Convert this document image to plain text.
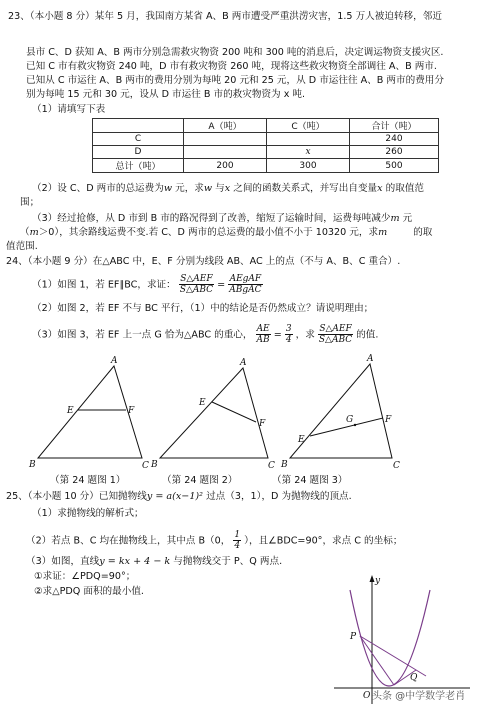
23、（本小题 8 分）某年 5 月，我国南方某省 A、B 两市遭受严重洪涝灾害，1.5 万人被迫转移，邻近
县市 C、D 获知 A、B 两市分别急需救灾物资 200 吨和 300 吨的消息后，决定调运物资支援灾区.
已知 C 市有救灾物资 240 吨，D 市有救灾物资 260 吨，现将这些救灾物资全部调往 A、B 两市.
已知从 C 市运往 A、B 两市的费用分别为每吨 20 元和 25 元，从 D 市运往往 A、B 两市的费用分
别为每吨 15 元和 30 元，设从 D 市运往 B 市的救灾物资为 x 吨.
（1）请填写下表
	A（吨）	C（吨）	合计（吨）
C			240
D		x	260
总计（吨）	200	300	500
（2）设 C、D 两市的总运费为w 元，求w 与x 之间的函数关系式，并写出自变量x 的取值范
围；
（3）经过抢修，从 D 市到 B 市的路况得到了改善，缩短了运输时间，运费每吨减少m 元
（m＞0），其余路线运费不变.若 C、D 两市的总运费的最小值不小于 10320 元，求m	的取
值范围.
24、（本小题 9 分）在△ABC 中，E、F 分别为线段 AB、AC 上的点（不与 A、B、C 重合）.
（1）如图 1，若 EF∥BC，求证： $\frac{\text{S△AEF}}{\text{S△ABC}} = \frac{\text{AEgAF}}{\text{ABgAC}}$
（2）如图 2，若 EF 不与 BC 平行，（1）中的结论是否仍然成立？请说明理由；
（3）如图 3，若 EF 上一点 G 恰为△ABC 的重心， $\frac{AE}{AB} = \frac{3}{4}$ ，求 $\frac{\text{S△AEF}}{\text{S△ABC}}$ 的值.
A
B	C
E	F
A
B	C
E
F
A
B	C
E
F
G
（第 24 题图 1）	（第 24 题图 2）	（第 24 题图 3）
25、（本小题 10 分）已知抛物线y = a(x−1)² 过点（3，1），D 为抛物线的顶点.
（1）求抛物线的解析式；
（2）若点 B、C 均在抛物线上，其中点 B（0， $\frac{1}{4}$ ），且∠BDC=90°，求点 C 的坐标；
（3）如图，直线y = kx + 4 − k 与抛物线交于 P、Q 两点.
①求证：∠PDQ=90°；
②求△PDQ 面积的最小值.
y
P
Q
O 头条 @中学数学老肖
